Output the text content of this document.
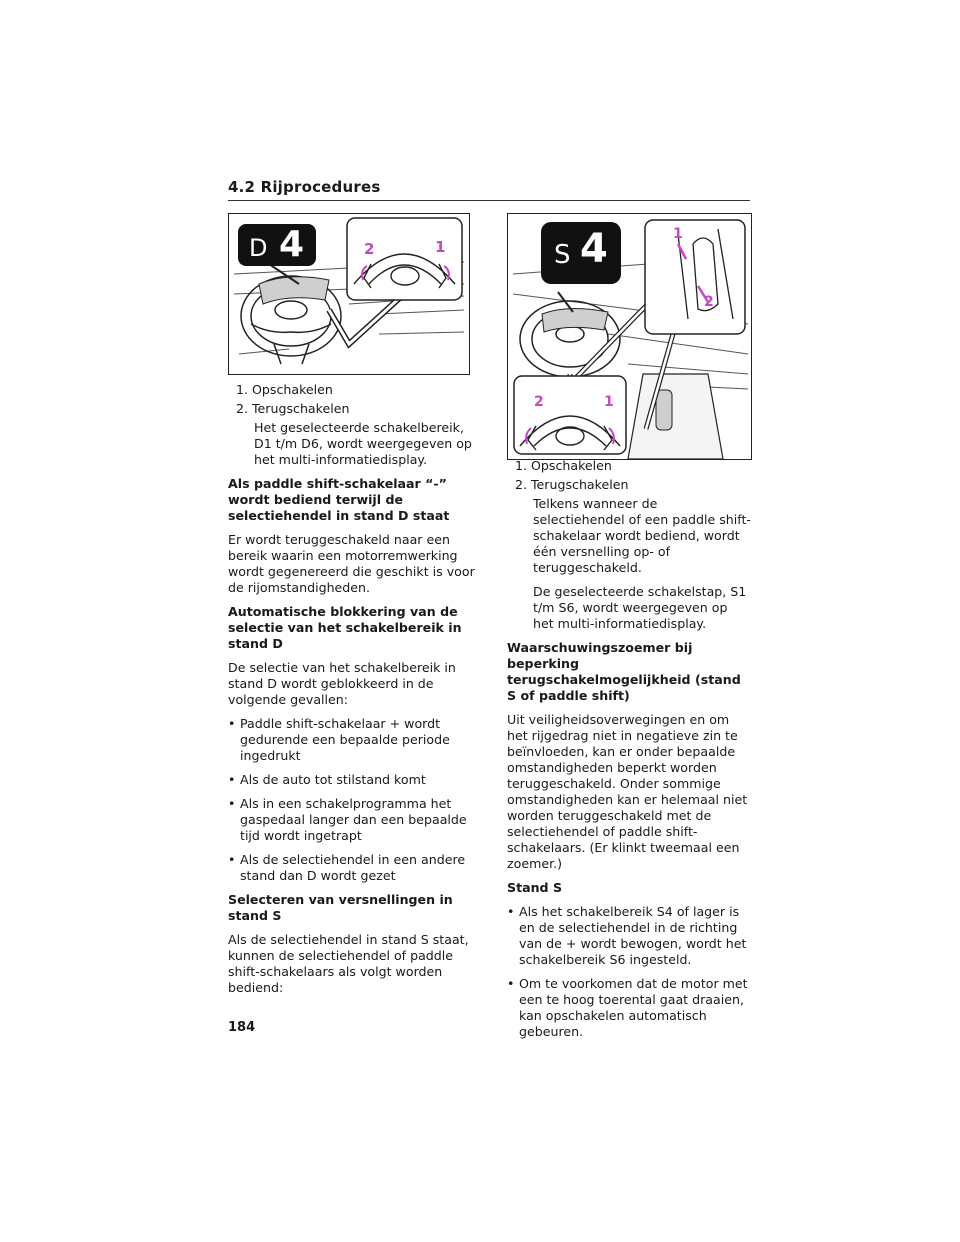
4.2 Rijprocedures
D 4	2	1	S 4	1
2
2	1
1. Opschakelen
2. Terugschakelen
Het geselecteerde schakelbereik, D1 t/m D6, wordt weergegeven op het multi-informatiedisplay.
Als paddle shift-schakelaar “-” wordt bediend terwijl de selectiehendel in stand D staat
Er wordt teruggeschakeld naar een bereik waarin een motorremwerking wordt gegenereerd die geschikt is voor de rijomstandigheden.
Automatische blokkering van de selectie van het schakelbereik in stand D
De selectie van het schakelbereik in stand D wordt geblokkeerd in de volgende gevallen:
• Paddle shift-schakelaar + wordt gedurende een bepaalde periode ingedrukt
• Als de auto tot stilstand komt
• Als in een schakelprogramma het gaspedaal langer dan een bepaalde tijd wordt ingetrapt
• Als de selectiehendel in een andere stand dan D wordt gezet
Selecteren van versnellingen in stand S
Als de selectiehendel in stand S staat, kunnen de selectiehendel of paddle shift-schakelaars als volgt worden bediend:
1. Opschakelen
2. Terugschakelen
Telkens wanneer de selectiehendel of een paddle shift-schakelaar wordt bediend, wordt één versnelling op- of teruggeschakeld.
De geselecteerde schakelstap, S1 t/m S6, wordt weergegeven op het multi-informatiedisplay.
Waarschuwingszoemer bij beperking terugschakelmogelijkheid (stand S of paddle shift)
Uit veiligheidsoverwegingen en om het rijgedrag niet in negatieve zin te beïnvloeden, kan er onder bepaalde omstandigheden beperkt worden teruggeschakeld. Onder sommige omstandigheden kan er helemaal niet worden teruggeschakeld met de selectiehendel of paddle shift-schakelaars. (Er klinkt tweemaal een zoemer.)
Stand S
• Als het schakelbereik S4 of lager is en de selectiehendel in de richting van de + wordt bewogen, wordt het schakelbereik S6 ingesteld.
• Om te voorkomen dat de motor met een te hoog toerental gaat draaien, kan opschakelen automatisch gebeuren.
184
